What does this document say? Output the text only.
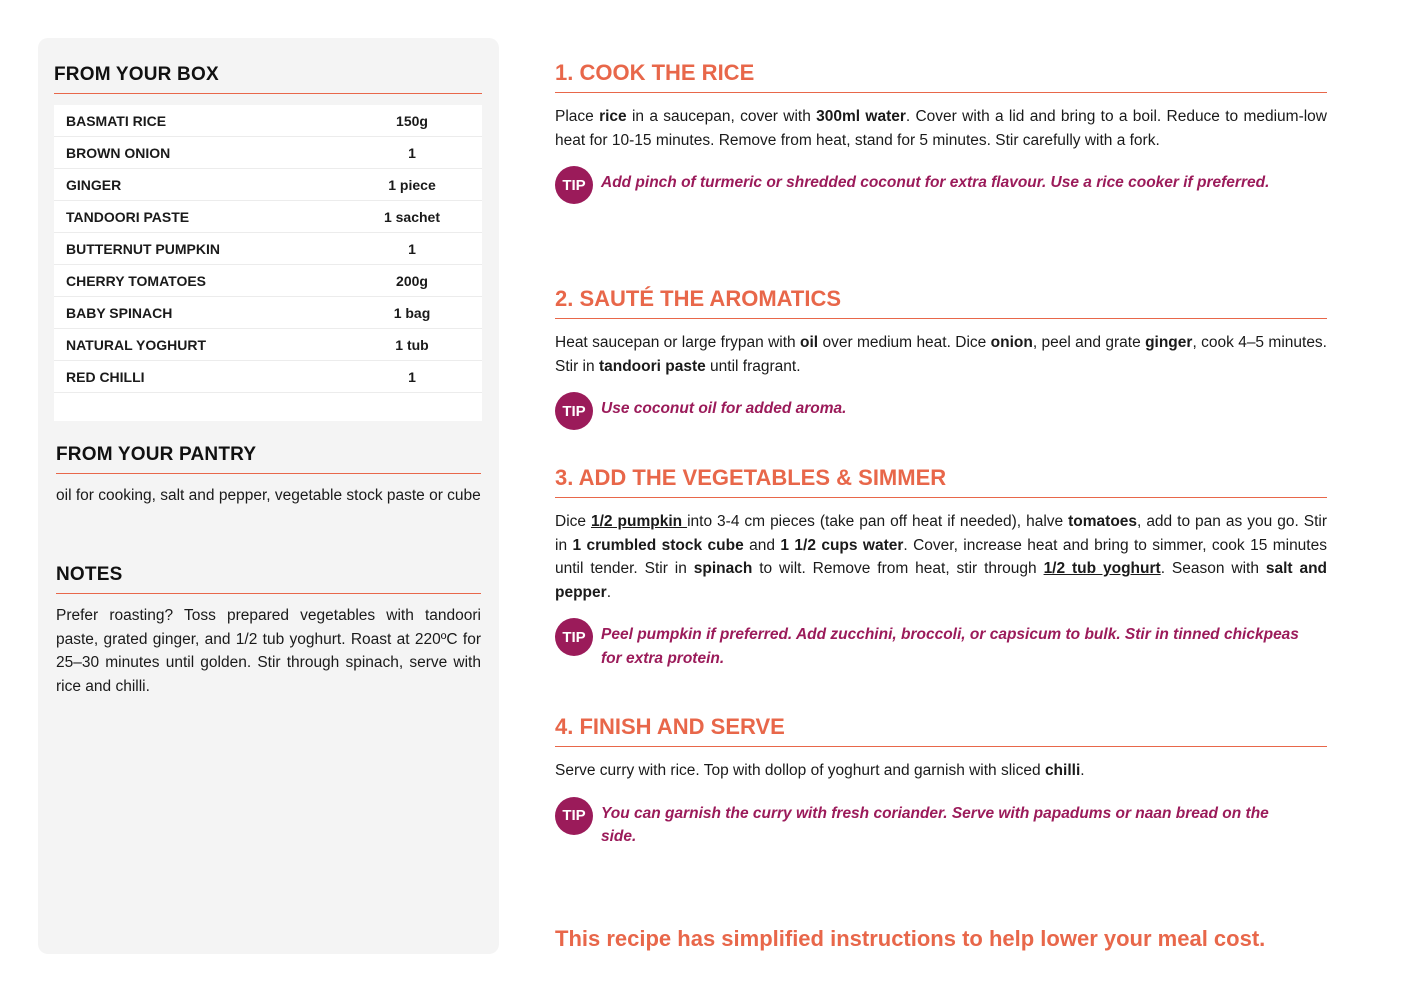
FROM YOUR BOX
BASMATI RICE	150g
BROWN ONION	1
GINGER	1 piece
TANDOORI PASTE	1 sachet
BUTTERNUT PUMPKIN	1
CHERRY TOMATOES	200g
BABY SPINACH	1 bag
NATURAL YOGHURT	1 tub
RED CHILLI	1
FROM YOUR PANTRY
oil for cooking, salt and pepper, vegetable stock paste or cube
NOTES
Prefer roasting? Toss prepared vegetables with tandoori paste, grated ginger, and 1/2 tub yoghurt. Roast at 220ºC for 25–30 minutes until golden. Stir through spinach, serve with rice and chilli.
1. COOK THE RICE
Place rice in a saucepan, cover with 300ml water. Cover with a lid and bring to a boil. Reduce to medium-low heat for 10-15 minutes. Remove from heat, stand for 5 minutes. Stir carefully with a fork.
TIP Add pinch of turmeric or shredded coconut for extra flavour. Use a rice cooker if preferred.
2. SAUTÉ THE AROMATICS
Heat saucepan or large frypan with oil over medium heat. Dice onion, peel and grate ginger, cook 4–5 minutes. Stir in tandoori paste until fragrant.
TIP Use coconut oil for added aroma.
3. ADD THE VEGETABLES & SIMMER
Dice 1/2 pumpkin into 3-4 cm pieces (take pan off heat if needed), halve tomatoes, add to pan as you go. Stir in 1 crumbled stock cube and 1 1/2 cups water. Cover, increase heat and bring to simmer, cook 15 minutes until tender. Stir in spinach to wilt. Remove from heat, stir through 1/2 tub yoghurt. Season with salt and pepper.
TIP Peel pumpkin if preferred. Add zucchini, broccoli, or capsicum to bulk. Stir in tinned chickpeas for extra protein.
4. FINISH AND SERVE
Serve curry with rice. Top with dollop of yoghurt and garnish with sliced chilli.
TIP You can garnish the curry with fresh coriander. Serve with papadums or naan bread on the side.

This recipe has simplified instructions to help lower your meal cost.
